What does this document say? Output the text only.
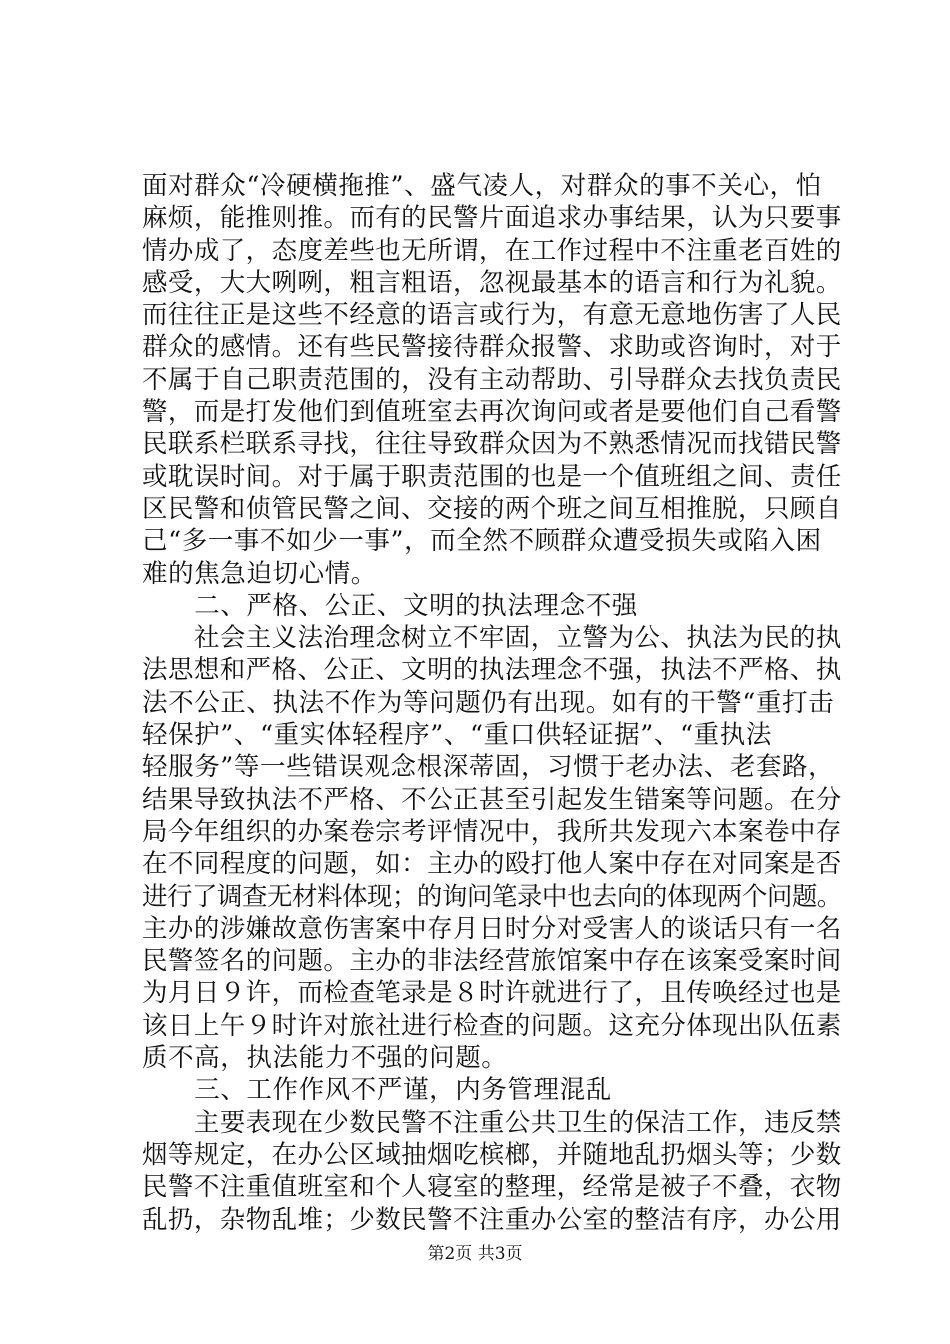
面对群众“冷硬横拖推”、盛气凌人，对群众的事不关心，怕
麻烦，能推则推。而有的民警片面追求办事结果，认为只要事
情办成了，态度差些也无所谓，在工作过程中不注重老百姓的
感受，大大咧咧，粗言粗语，忽视最基本的语言和行为礼貌。
而往往正是这些不经意的语言或行为，有意无意地伤害了人民
群众的感情。还有些民警接待群众报警、求助或咨询时，对于
不属于自己职责范围的，没有主动帮助、引导群众去找负责民
警，而是打发他们到值班室去再次询问或者是要他们自己看警
民联系栏联系寻找，往往导致群众因为不熟悉情况而找错民警
或耽误时间。对于属于职责范围的也是一个值班组之间、责任
区民警和侦管民警之间、交接的两个班之间互相推脱，只顾自
己“多一事不如少一事”，而全然不顾群众遭受损失或陷入困
难的焦急迫切心情。
　　二、严格、公正、文明的执法理念不强
　　社会主义法治理念树立不牢固，立警为公、执法为民的执
法思想和严格、公正、文明的执法理念不强，执法不严格、执
法不公正、执法不作为等问题仍有出现。如有的干警“重打击
轻保护”、“重实体轻程序”、“重口供轻证据”、“重执法
轻服务”等一些错误观念根深蒂固，习惯于老办法、老套路，
结果导致执法不严格、不公正甚至引起发生错案等问题。在分
局今年组织的办案卷宗考评情况中，我所共发现六本案卷中存
在不同程度的问题，如：主办的殴打他人案中存在对同案是否
进行了调查无材料体现；的询问笔录中也去向的体现两个问题。
主办的涉嫌故意伤害案中存月日时分对受害人的谈话只有一名
民警签名的问题。主办的非法经营旅馆案中存在该案受案时间
为月日９许，而检查笔录是８时许就进行了，且传唤经过也是
该日上午９时许对旅社进行检查的问题。这充分体现出队伍素
质不高，执法能力不强的问题。
　　三、工作作风不严谨，内务管理混乱
　　主要表现在少数民警不注重公共卫生的保洁工作，违反禁
烟等规定，在办公区域抽烟吃槟榔，并随地乱扔烟头等；少数
民警不注重值班室和个人寝室的整理，经常是被子不叠，衣物
乱扔，杂物乱堆；少数民警不注重办公室的整洁有序，办公用
第2页 共3页
